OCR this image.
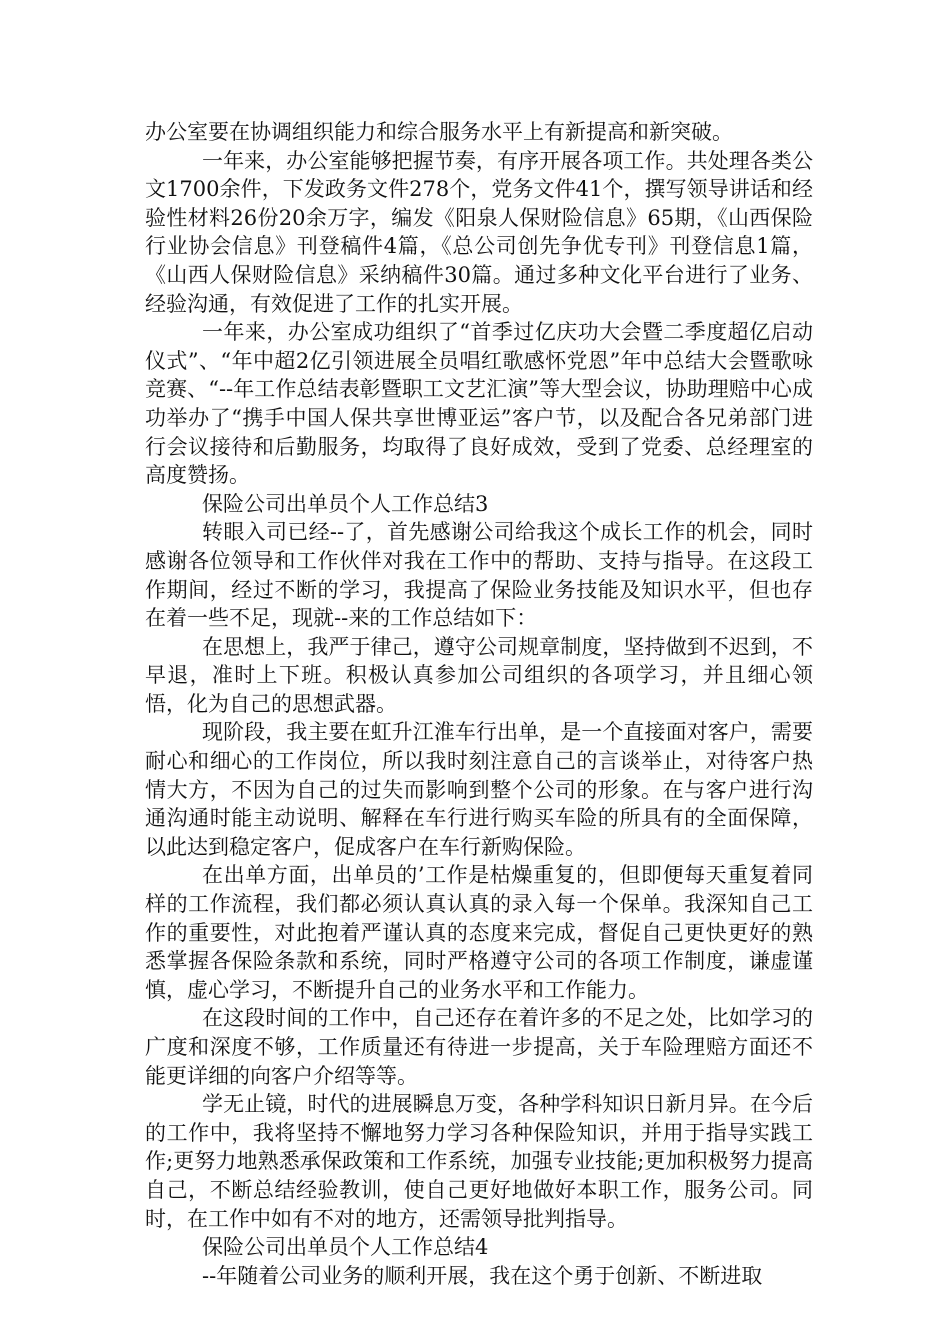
办公室要在协调组织能力和综合服务水平上有新提高和新突破。

一年来，办公室能够把握节奏，有序开展各项工作。共处理各类公文1700余件，下发政务文件278个，党务文件41个，撰写领导讲话和经验性材料26份20余万字，编发《阳泉人保财险信息》65期，《山西保险行业协会信息》刊登稿件4篇，《总公司创先争优专刊》刊登信息1篇，《山西人保财险信息》采纳稿件30篇。通过多种文化平台进行了业务、经验沟通，有效促进了工作的扎实开展。

一年来，办公室成功组织了“首季过亿庆功大会暨二季度超亿启动仪式”、“年中超2亿引领进展全员唱红歌感怀党恩”年中总结大会暨歌咏竞赛、“--年工作总结表彰暨职工文艺汇演”等大型会议，协助理赔中心成功举办了“携手中国人保共享世博亚运”客户节，以及配合各兄弟部门进行会议接待和后勤服务，均取得了良好成效，受到了党委、总经理室的高度赞扬。

保险公司出单员个人工作总结3

转眼入司已经--了，首先感谢公司给我这个成长工作的机会，同时感谢各位领导和工作伙伴对我在工作中的帮助、支持与指导。在这段工作期间，经过不断的学习，我提高了保险业务技能及知识水平，但也存在着一些不足，现就--来的工作总结如下：

在思想上，我严于律己，遵守公司规章制度，坚持做到不迟到，不早退，准时上下班。积极认真参加公司组织的各项学习，并且细心领悟，化为自己的思想武器。

现阶段，我主要在虹升江淮车行出单，是一个直接面对客户，需要耐心和细心的工作岗位，所以我时刻注意自己的言谈举止，对待客户热情大方，不因为自己的过失而影响到整个公司的形象。在与客户进行沟通沟通时能主动说明、解释在车行进行购买车险的所具有的全面保障，以此达到稳定客户，促成客户在车行新购保险。

在出单方面，出单员的’工作是枯燥重复的，但即便每天重复着同样的工作流程，我们都必须认真认真的录入每一个保单。我深知自己工作的重要性，对此抱着严谨认真的态度来完成，督促自己更快更好的熟悉掌握各保险条款和系统，同时严格遵守公司的各项工作制度，谦虚谨慎，虚心学习，不断提升自己的业务水平和工作能力。

在这段时间的工作中，自己还存在着许多的不足之处，比如学习的广度和深度不够，工作质量还有待进一步提高，关于车险理赔方面还不能更详细的向客户介绍等等。

学无止镜，时代的进展瞬息万变，各种学科知识日新月异。在今后的工作中，我将坚持不懈地努力学习各种保险知识，并用于指导实践工作;更努力地熟悉承保政策和工作系统，加强专业技能;更加积极努力提高自己，不断总结经验教训，使自己更好地做好本职工作，服务公司。同时，在工作中如有不对的地方，还需领导批判指导。

保险公司出单员个人工作总结4

--年随着公司业务的顺利开展，我在这个勇于创新、不断进取
